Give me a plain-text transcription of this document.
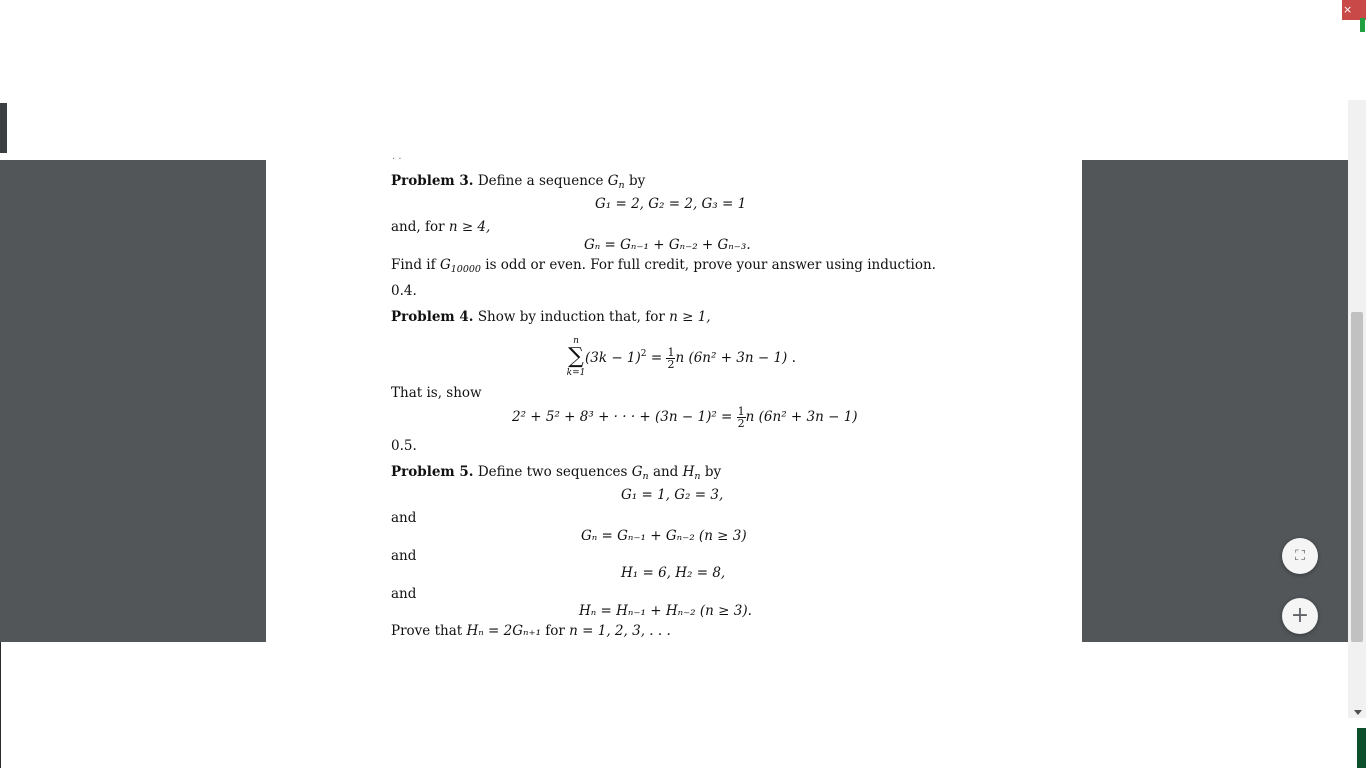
×
· ·
Problem 3. Define a sequence $G_n$ by
G₁ = 2, G₂ = 2, G₃ = 1
and, for n ≥ 4,
Gₙ = Gₙ₋₁ + Gₙ₋₂ + Gₙ₋₃.
Find if $G_{10000}$ is odd or even. For full credit, prove your answer using induction.
0.4.
Problem 4. Show by induction that, for n ≥ 1,
n
∑
k=1
$(3k - 1)^2 = \frac{1}{2}$ n (6n² + 3n − 1) .
That is, show
2² + 5² + 8³ + · · · + $(3n - 1)^2 = \frac{1}{2}$ n (6n² + 3n − 1)
0.5.
Problem 5. Define two sequences $G_n$ and $H_n$ by
G₁ = 1, G₂ = 3,
and
Gₙ = Gₙ₋₁ + Gₙ₋₂ (n ≥ 3)
and
H₁ = 6, H₂ = 8,
and
Hₙ = Hₙ₋₁ + Hₙ₋₂ (n ≥ 3).
Prove that Hₙ = 2Gₙ₊₁ for n = 1, 2, 3, . . .
⛶
+
